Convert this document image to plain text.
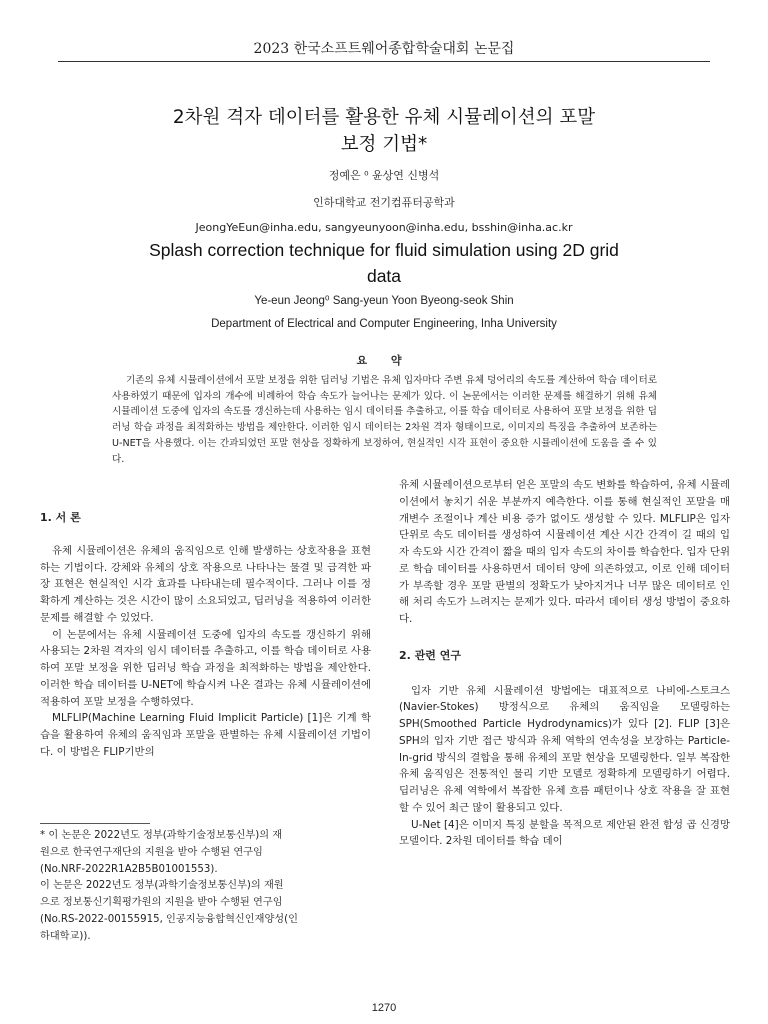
2023 한국소프트웨어종합학술대회 논문집
2차원 격자 데이터를 활용한 유체 시뮬레이션의 포말
보정 기법*
정예은 ⁰ 윤상연 신병석
인하대학교 전기컴퓨터공학과
JeongYeEun@inha.edu, sangyeunyoon@inha.edu, bsshin@inha.ac.kr
Splash correction technique for fluid simulation using 2D grid
data
Ye-eun Jeong⁰ Sang-yeun Yoon Byeong-seok Shin
Department of Electrical and Computer Engineering, Inha University
요 약

기존의 유체 시뮬레이션에서 포말 보정을 위한 딥러닝 기법은 유체 입자마다 주변 유체 덩어리의 속도를 계산하여 학습 데이터로 사용하였기 때문에 입자의 개수에 비례하여 학습 속도가 늘어나는 문제가 있다. 이 논문에서는 이러한 문제를 해결하기 위해 유체 시뮬레이션 도중에 입자의 속도를 갱신하는데 사용하는 임시 데이터를 추출하고, 이를 학습 데이터로 사용하여 포말 보정을 위한 딥러닝 학습 과정을 최적화하는 방법을 제안한다. 이러한 임시 데이터는 2차원 격자 형태이므로, 이미지의 특징을 추출하여 보존하는 U-NET을 사용했다. 이는 간과되었던 포말 현상을 정확하게 보정하여, 현실적인 시각 표현이 중요한 시뮬레이션에 도움을 줄 수 있다.

1. 서 론

유체 시뮬레이션은 유체의 움직임으로 인해 발생하는 상호작용을 표현하는 기법이다. 강체와 유체의 상호 작용으로 나타나는 물결 및 급격한 파장 표현은 현실적인 시각 효과를 나타내는데 필수적이다. 그러나 이를 정확하게 계산하는 것은 시간이 많이 소요되었고, 딥러닝을 적용하여 이러한 문제를 해결할 수 있었다.

이 논문에서는 유체 시뮬레이션 도중에 입자의 속도를 갱신하기 위해 사용되는 2차원 격자의 임시 데이터를 추출하고, 이를 학습 데이터로 사용하여 포말 보정을 위한 딥러닝 학습 과정을 최적화하는 방법을 제안한다. 이러한 학습 데이터를 U-NET에 학습시켜 나온 결과는 유체 시뮬레이션에 적용하여 포말 보정을 수행하였다.

MLFLIP(Machine Learning Fluid Implicit Particle) [1]은 기계 학습을 활용하여 유체의 움직임과 포말을 판별하는 유체 시뮬레이션 기법이다. 이 방법은 FLIP기반의

* 이 논문은 2022년도 정부(과학기술정보통신부)의 재

원으로 한국연구재단의 지원을 받아 수행된 연구임

(No.NRF-2022R1A2B5B01001553).

이 논문은 2022년도 정부(과학기술정보통신부)의 재원

으로 정보통신기획평가원의 지원을 받아 수행된 연구임

(No.RS-2022-00155915, 인공지능융합혁신인재양성(인

하대학교)).

유체 시뮬레이션으로부터 얻은 포말의 속도 변화를 학습하여, 유체 시뮬레이션에서 놓치기 쉬운 부분까지 예측한다. 이를 통해 현실적인 포말을 매개변수 조절이나 계산 비용 증가 없이도 생성할 수 있다. MLFLIP은 입자 단위로 속도 데이터를 생성하여 시뮬레이션 계산 시간 간격이 길 때의 입자 속도와 시간 간격이 짧을 때의 입자 속도의 차이를 학습한다. 입자 단위로 학습 데이터를 사용하면서 데이터 양에 의존하였고, 이로 인해 데이터가 부족할 경우 포말 판별의 정확도가 낮아지거나 너무 많은 데이터로 인해 처리 속도가 느려지는 문제가 있다. 따라서 데이터 생성 방법이 중요하다.

2. 관련 연구

입자 기반 유체 시뮬레이션 방법에는 대표적으로 나비에-스토크스(Navier-Stokes) 방정식으로 유체의 움직임을 모델링하는 SPH(Smoothed Particle Hydrodynamics)가 있다 [2]. FLIP [3]은 SPH의 입자 기반 접근 방식과 유체 역학의 연속성을 보장하는 Particle-In-grid 방식의 결합을 통해 유체의 포말 현상을 모델링한다. 일부 복잡한 유체 움직임은 전통적인 물리 기반 모델로 정확하게 모델링하기 어렵다. 딥러닝은 유체 역학에서 복잡한 유체 흐름 패턴이나 상호 작용을 잘 표현할 수 있어 최근 많이 활용되고 있다.

U-Net [4]은 이미지 특징 분할을 목적으로 제안된 완전 합성 곱 신경망 모델이다. 2차원 데이터를 학습 데이

1270
